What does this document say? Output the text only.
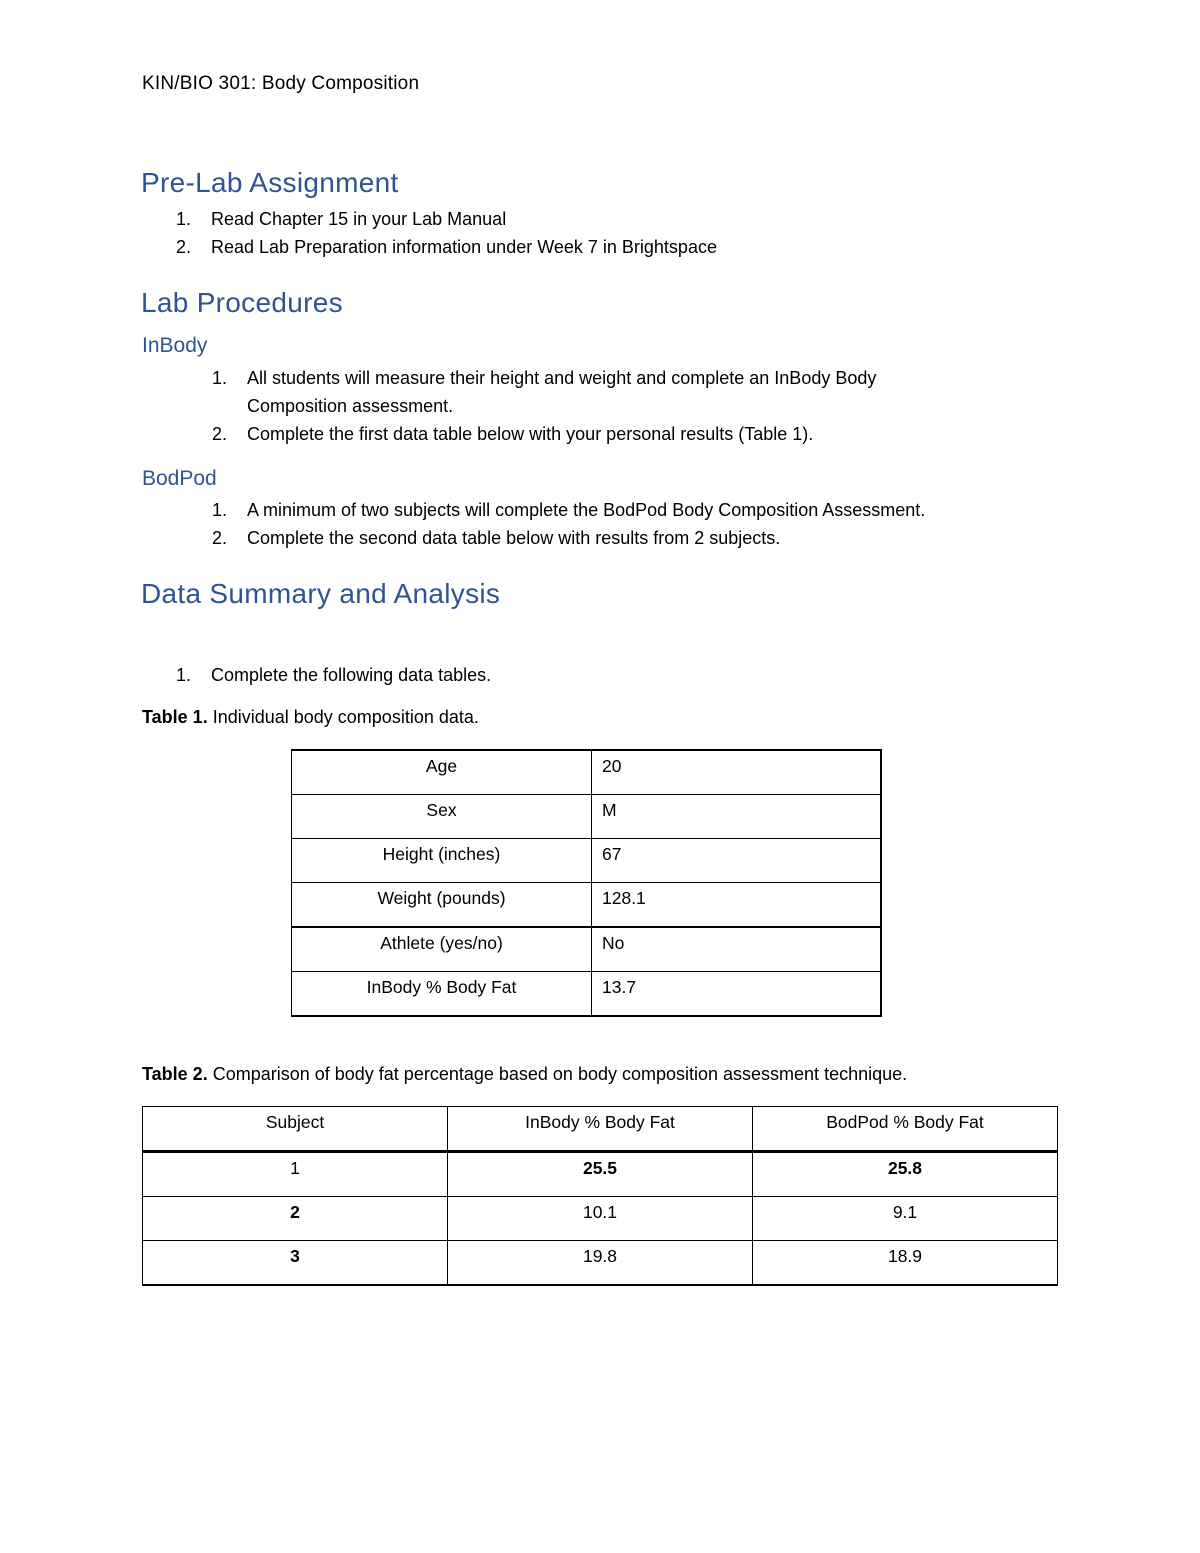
KIN/BIO 301: Body Composition
Pre-Lab Assignment
1. Read Chapter 15 in your Lab Manual
2. Read Lab Preparation information under Week 7 in Brightspace
Lab Procedures
InBody
1. All students will measure their height and weight and complete an InBody Body
Composition assessment.
2. Complete the first data table below with your personal results (Table 1).
BodPod
1. A minimum of two subjects will complete the BodPod Body Composition Assessment.
2. Complete the second data table below with results from 2 subjects.
Data Summary and Analysis
1. Complete the following data tables.
Table 1. Individual body composition data.
Age	20

Sex	M

Height (inches)	67

Weight (pounds)	128.1

Athlete (yes/no)	No

InBody % Body Fat	13.7
Table 2. Comparison of body fat percentage based on body composition assessment technique.
Subject	InBody % Body Fat	BodPod % Body Fat

1	25.5	25.8

2	10.1	9.1

3	19.8	18.9
